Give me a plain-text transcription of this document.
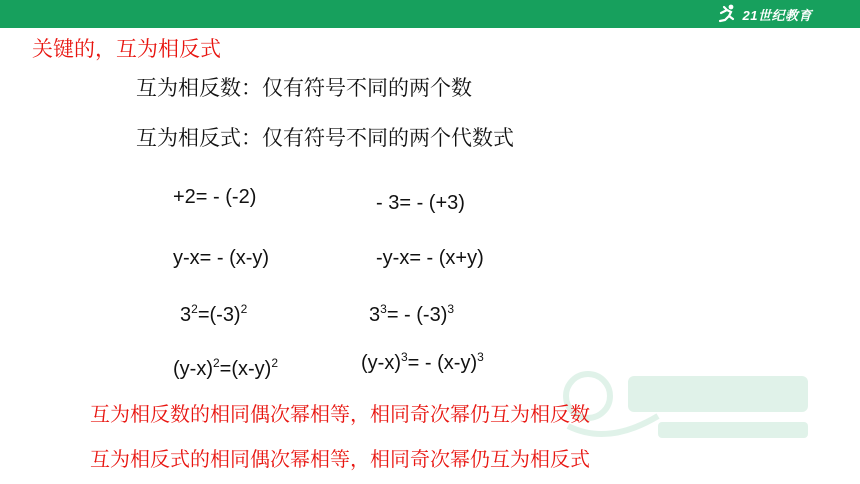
21世纪教育
关键的，互为相反式
互为相反数：仅有符号不同的两个数
互为相反式：仅有符号不同的两个代数式
+2= - (-2)	- 3= - (+3)
y-x= - (x-y)	-y-x= - (x+y)
$3^2=(-3)^2$	$3^3= - (-3)^3$
$(y-x)^2=(x-y)^2$	$(y-x)^3= - (x-y)^3$
互为相反数的相同偶次幂相等，相同奇次幂仍互为相反数
互为相反式的相同偶次幂相等，相同奇次幂仍互为相反式
